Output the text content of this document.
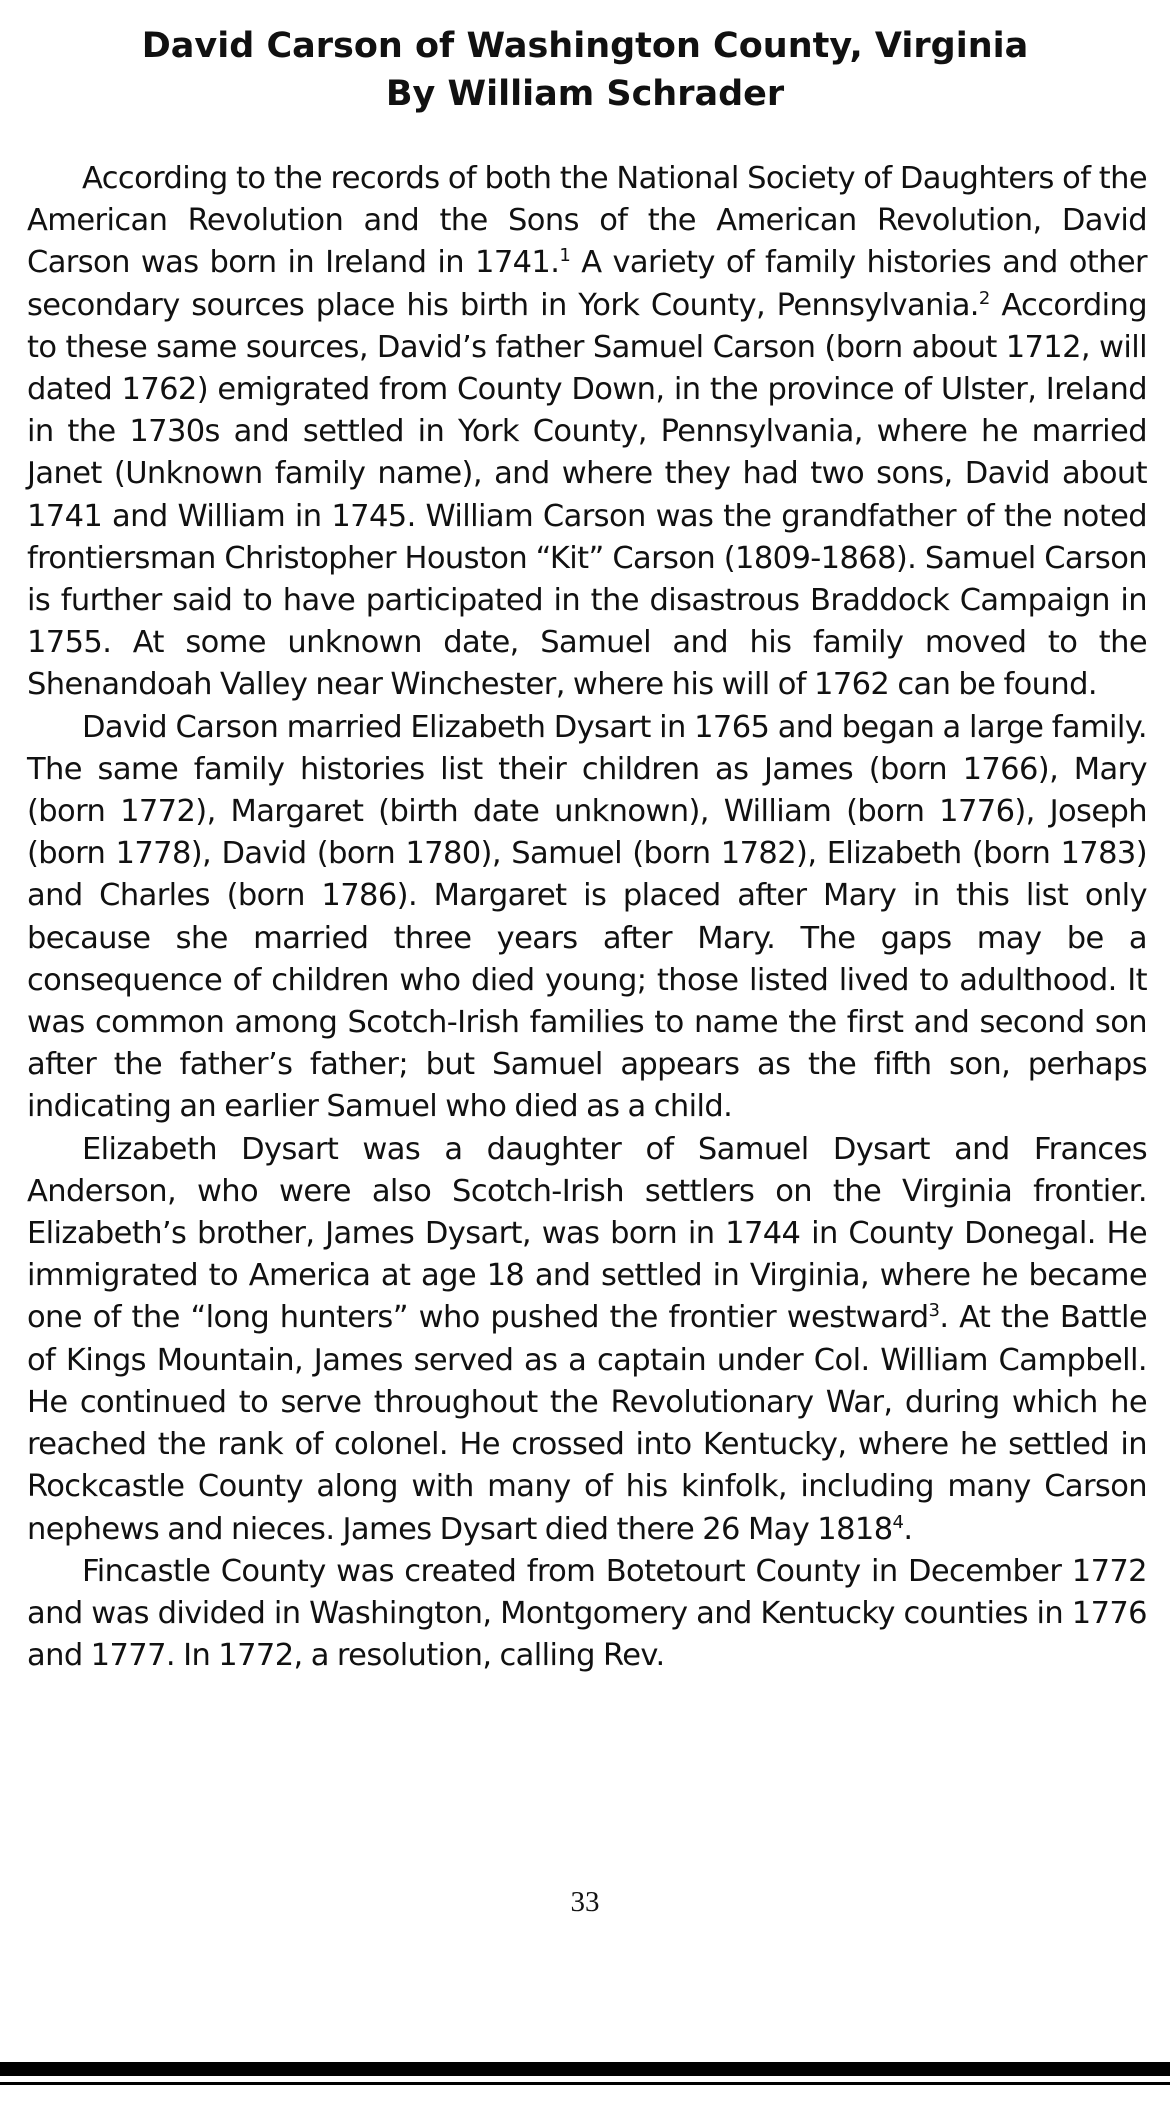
David Carson of Washington County, Virginia
By William Schrader

According to the records of both the National Society of Daughters of the American Revolution and the Sons of the American Revolution, David Carson was born in Ireland in 1741.$^1$ A variety of family histories and other secondary sources place his birth in York County, Pennsylvania.$^2$ According to these same sources, David’s father Samuel Carson (born about 1712, will dated 1762) emigrated from County Down, in the province of Ulster, Ireland in the 1730s and settled in York County, Pennsylvania, where he married Janet (Unknown family name), and where they had two sons, David about 1741 and William in 1745. William Carson was the grandfather of the noted frontiersman Christopher Houston “Kit” Carson (1809-1868). Samuel Carson is further said to have participated in the disastrous Braddock Campaign in 1755. At some unknown date, Samuel and his family moved to the Shenandoah Valley near Winchester, where his will of 1762 can be found.

David Carson married Elizabeth Dysart in 1765 and began a large family. The same family histories list their children as James (born 1766), Mary (born 1772), Margaret (birth date unknown), William (born 1776), Joseph (born 1778), David (born 1780), Samuel (born 1782), Elizabeth (born 1783) and Charles (born 1786). Margaret is placed after Mary in this list only because she married three years after Mary. The gaps may be a consequence of children who died young; those listed lived to adulthood. It was common among Scotch-Irish families to name the first and second son after the father’s father; but Samuel appears as the fifth son, perhaps indicating an earlier Samuel who died as a child.

Elizabeth Dysart was a daughter of Samuel Dysart and Frances Anderson, who were also Scotch-Irish settlers on the Virginia frontier. Elizabeth’s brother, James Dysart, was born in 1744 in County Donegal. He immigrated to America at age 18 and settled in Virginia, where he became one of the “long hunters” who pushed the frontier westward$^3$. At the Battle of Kings Mountain, James served as a captain under Col. William Campbell. He continued to serve throughout the Revolutionary War, during which he reached the rank of colonel. He crossed into Kentucky, where he settled in Rockcastle County along with many of his kinfolk, including many Carson nephews and nieces. James Dysart died there 26 May 1818$^4$.

Fincastle County was created from Botetourt County in December 1772 and was divided in Washington, Montgomery and Kentucky counties in 1776 and 1777. In 1772, a resolution, calling Rev.

33
